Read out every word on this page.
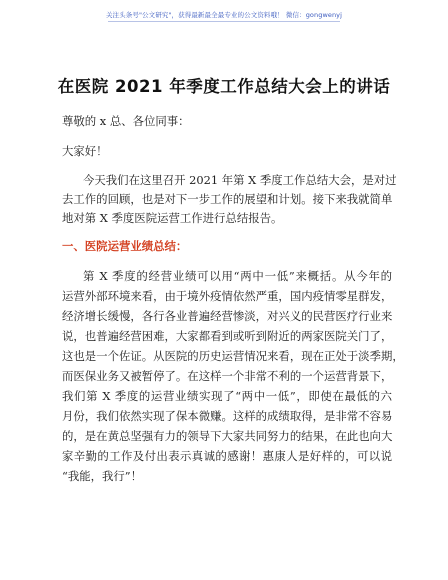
关注头条号"公文研究"，获得最新最全最专业的公文资料哦！ 微信：gongwenyj
在医院 2021 年季度工作总结大会上的讲话
尊敬的 x 总、各位同事：
大家好！
今天我们在这里召开 2021 年第 X 季度工作总结大会，是对过
去工作的回顾，也是对下一步工作的展望和计划。接下来我就简单
地对第 X 季度医院运营工作进行总结报告。
一、医院运营业绩总结：
第 X 季度的经营业绩可以用“两中一低”来概括。从今年的
运营外部环境来看，由于境外疫情依然严重，国内疫情零星群发，
经济增长缓慢，各行各业普遍经营惨淡，对兴义的民营医疗行业来
说，也普遍经营困难，大家都看到或听到附近的两家医院关门了，
这也是一个佐证。从医院的历史运营情况来看，现在正处于淡季期，
而医保业务又被暂停了。在这样一个非常不利的一个运营背景下，
我们第 X 季度的运营业绩实现了“两中一低”，即使在最低的六
月份，我们依然实现了保本微赚。这样的成绩取得，是非常不容易
的，是在黄总坚强有力的领导下大家共同努力的结果，在此也向大
家辛勤的工作及付出表示真诚的感谢！惠康人是好样的，可以说
“我能，我行”！
